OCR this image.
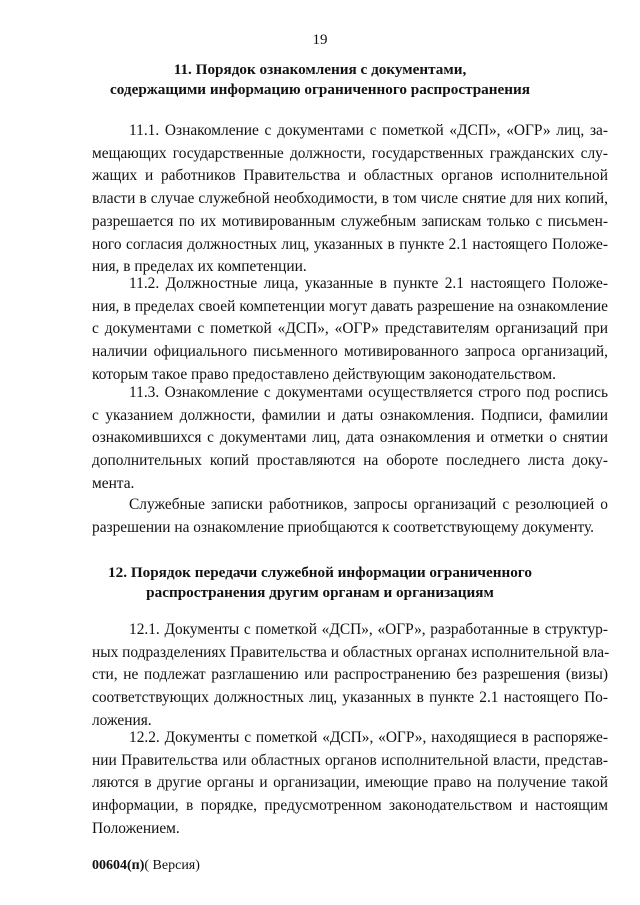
19
11. Порядок ознакомления с документами,
содержащими информацию ограниченного распространения
11.1. Ознакомление с документами с пометкой «ДСП», «ОГР» лиц, за-
мещающих государственные должности, государственных гражданских слу-
жащих и работников Правительства и областных органов исполнительной
власти в случае служебной необходимости, в том числе снятие для них копий,
разрешается по их мотивированным служебным запискам только с письмен-
ного согласия должностных лиц, указанных в пункте 2.1 настоящего Положе-
ния, в пределах их компетенции.
11.2. Должностные лица, указанные в пункте 2.1 настоящего Положе-
ния, в пределах своей компетенции могут давать разрешение на ознакомление
с документами с пометкой «ДСП», «ОГР» представителям организаций при
наличии официального письменного мотивированного запроса организаций,
которым такое право предоставлено действующим законодательством.
11.3. Ознакомление с документами осуществляется строго под роспись
с указанием должности, фамилии и даты ознакомления. Подписи, фамилии
ознакомившихся с документами лиц, дата ознакомления и отметки о снятии
дополнительных копий проставляются на обороте последнего листа доку-
мента.
Служебные записки работников, запросы организаций с резолюцией о
разрешении на ознакомление приобщаются к соответствующему документу.
12. Порядок передачи служебной информации ограниченного
распространения другим органам и организациям
12.1. Документы с пометкой «ДСП», «ОГР», разработанные в структур-
ных подразделениях Правительства и областных органах исполнительной вла-
сти, не подлежат разглашению или распространению без разрешения (визы)
соответствующих должностных лиц, указанных в пункте 2.1 настоящего По-
ложения.
12.2. Документы с пометкой «ДСП», «ОГР», находящиеся в распоряже-
нии Правительства или областных органов исполнительной власти, представ-
ляются в другие органы и организации, имеющие право на получение такой
информации, в порядке, предусмотренном законодательством и настоящим
Положением.
00604(п)( Версия)
